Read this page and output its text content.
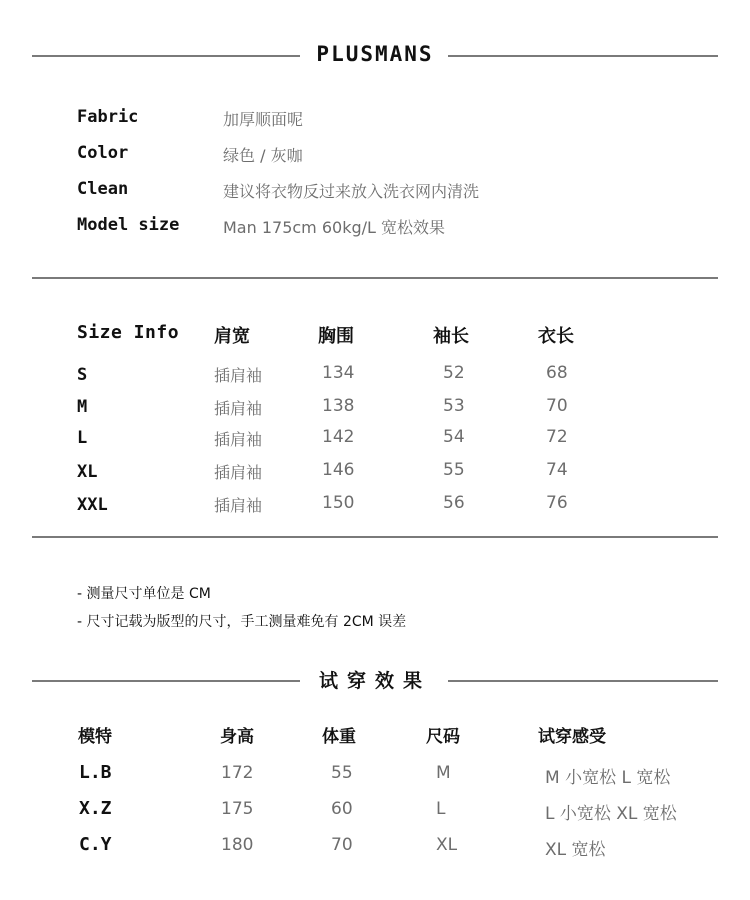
PLUSMANS
Fabric	加厚顺面呢
Color	绿色 / 灰咖
Clean	建议将衣物反过来放入洗衣网内清洗
Model size	Man 175cm 60kg/L 宽松效果
Size Info 肩宽	胸围	袖长	衣长
S	插肩袖	134	52	68
M	插肩袖	138	53	70
L	插肩袖	142	54	72
XL	插肩袖	146	55	74
XXL	插肩袖	150	56	76
- 测量尺寸单位是 CM
- 尺寸记载为版型的尺寸，手工测量难免有 2CM 误差
试穿效果
模特	身高	体重	尺码	试穿感受
L.B	172	55	M	M 小宽松 L 宽松
X.Z	175	60	L	L 小宽松 XL 宽松
C.Y	180	70	XL	XL 宽松
